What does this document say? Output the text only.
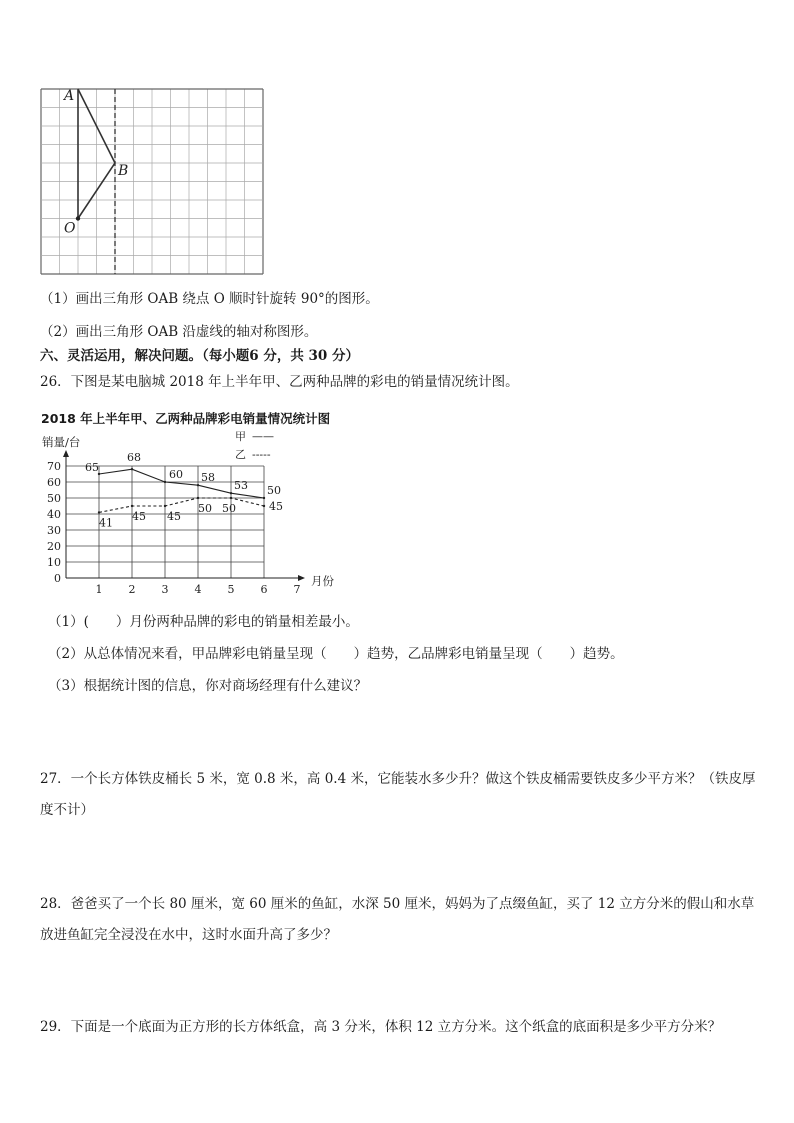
A
B
O
（1）画出三角形 OAB 绕点 O 顺时针旋转 90°的图形。
（2）画出三角形 OAB 沿虚线的轴对称图形。
六、灵活运用，解决问题。（每小题6 分，共 30 分）
26．下图是某电脑城 2018 年上半年甲、乙两种品牌的彩电的销量情况统计图。
2018 年上半年甲、乙两种品牌彩电销量情况统计图
销量/台	甲 ——
乙 -----
0
10
20
30
40
50
60
70
1 2 3 4 5 6 7
65
68
60 58
53 50
41 45 45
50 50	45
月份
（1）(　　）月份两种品牌的彩电的销量相差最小。
（2）从总体情况来看，甲品牌彩电销量呈现（　　）趋势，乙品牌彩电销量呈现（　　）趋势。
（3）根据统计图的信息，你对商场经理有什么建议？
27．一个长方体铁皮桶长 5 米，宽 0.8 米，高 0.4 米，它能装水多少升？做这个铁皮桶需要铁皮多少平方米？（铁皮厚
度不计）
28．爸爸买了一个长 80 厘米，宽 60 厘米的鱼缸，水深 50 厘米，妈妈为了点缀鱼缸，买了 12 立方分米的假山和水草
放进鱼缸完全浸没在水中，这时水面升高了多少？
29．下面是一个底面为正方形的长方体纸盒，高 3 分米，体积 12 立方分米。这个纸盒的底面积是多少平方分米？
